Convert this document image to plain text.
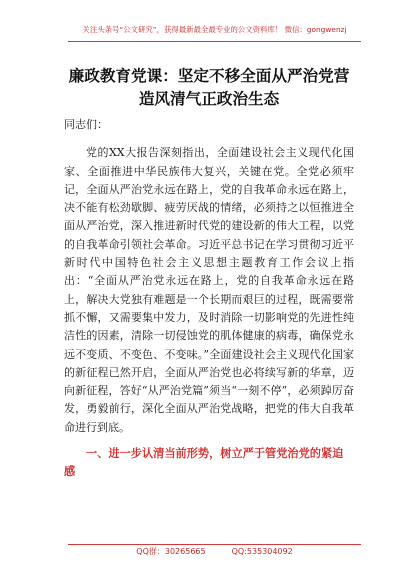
关注头条号“公文研究”，获得最新最全最专业的公文资料库！ 微信：gongwenzj
廉政教育党课：坚定不移全面从严治党营造风清气正政治生态

同志们：

党的XX大报告深刻指出，全面建设社会主义现代化国家、全面推进中华民族伟大复兴，关键在党。全党必须牢记，全面从严治党永远在路上，党的自我革命永远在路上，决不能有松劲歇脚、疲劳厌战的情绪，必须持之以恒推进全面从严治党，深入推进新时代党的建设新的伟大工程，以党的自我革命引领社会革命。习近平总书记在学习贯彻习近平新时代中国特色社会主义思想主题教育工作会议上指出：“全面从严治党永远在路上，党的自我革命永远在路上，解决大党独有难题是一个长期而艰巨的过程，既需要常抓不懈，又需要集中发力，及时消除一切影响党的先进性纯洁性的因素，清除一切侵蚀党的肌体健康的病毒，确保党永远不变质、不变色、不变味。”全面建设社会主义现代化国家的新征程已然开启，全面从严治党也必将续写新的华章，迈向新征程，答好“从严治党篇”须当“一刻不停”，必须踔厉奋发，勇毅前行，深化全面从严治党战略，把党的伟大自我革命进行到底。

一、进一步认清当前形势，树立严于管党治党的紧迫感

QQ群：30265665	QQ:535304092
